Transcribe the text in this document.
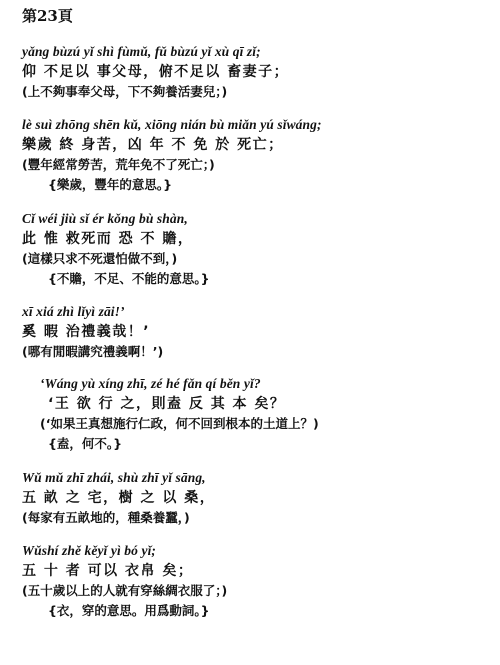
第23頁
yǎng bùzú yǐ shì fùmǔ, fǔ bùzú yǐ xù qī zǐ;
仰 不足以 事父母，俯不足以 畜妻子；
(上不夠事奉父母，下不夠養活妻兒；)
lè suì zhōng shēn kǔ, xiōng nián bù miǎn yú sǐwáng;
樂歲 終 身苦，凶 年 不 免 於 死亡；
(豐年經常勞苦，荒年免不了死亡；)
{樂歲，豐年的意思。}
Cǐ wéi jiù sǐ ér kǒng bù shàn,
此 惟 救死而 恐 不 贍，
(這樣只求不死還怕做不到，)
{不贍，不足、不能的意思。}
xī xiá zhì lǐyì zāi!’
奚 暇 治禮義哉！’
(哪有閒暇講究禮義啊！’)
‘Wáng yù xíng zhī, zé hé fǎn qí běn yǐ?
‘王 欲 行 之，則盍 反 其 本 矣？
(‘如果王真想施行仁政，何不回到根本的土道上？)
{盍，何不。}
Wǔ mǔ zhī zhái, shù zhī yǐ sāng,
五 畝 之 宅，樹 之 以 桑，
(每家有五畝地的，種桑養蠶，)
Wǔshí zhě kěyǐ yì bó yǐ;
五 十 者 可以 衣帛 矣；
(五十歲以上的人就有穿絲綢衣服了；)
{衣，穿的意思。用爲動詞。}
